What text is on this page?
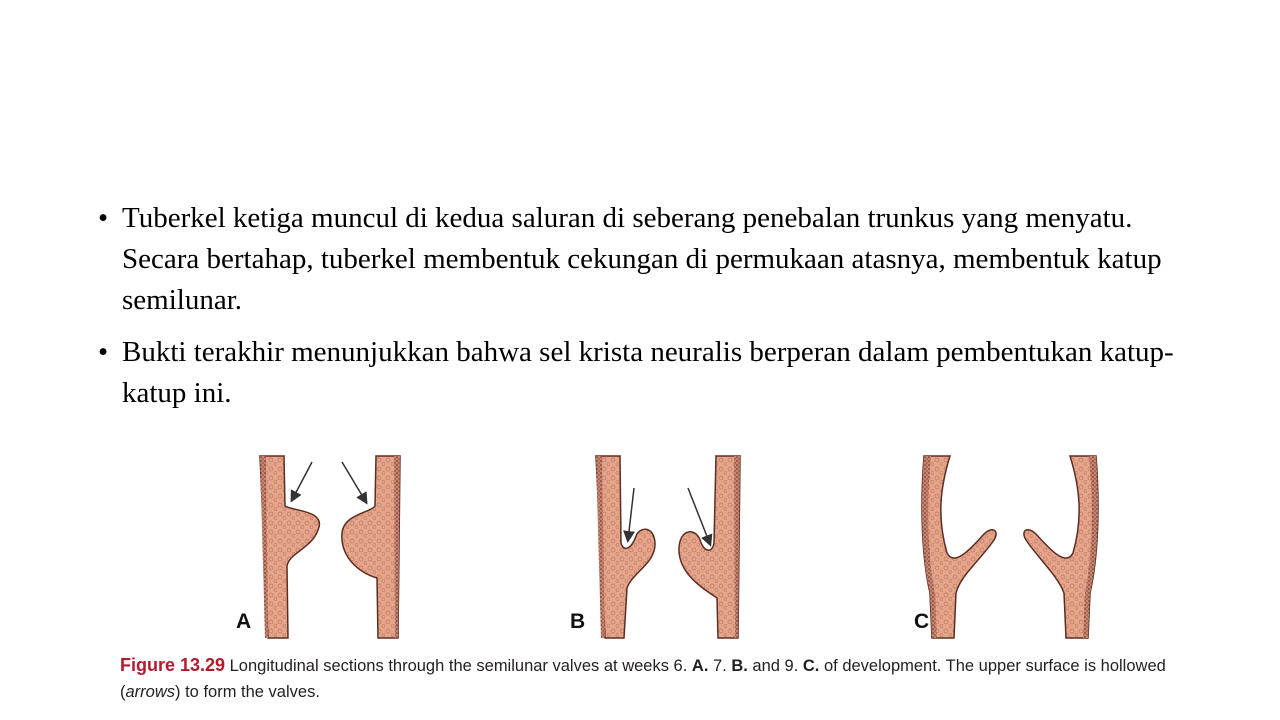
• Tuberkel ketiga muncul di kedua saluran di seberang penebalan trunkus yang menyatu. Secara bertahap, tuberkel membentuk cekungan di permukaan atasnya, membentuk katup semilunar.
• Bukti terakhir menunjukkan bahwa sel krista neuralis berperan dalam pembentukan katup-katup ini.
A	B	C
Figure 13.29 Longitudinal sections through the semilunar valves at weeks 6. A. 7. B. and 9. C. of development. The upper surface is hollowed (arrows) to form the valves.
